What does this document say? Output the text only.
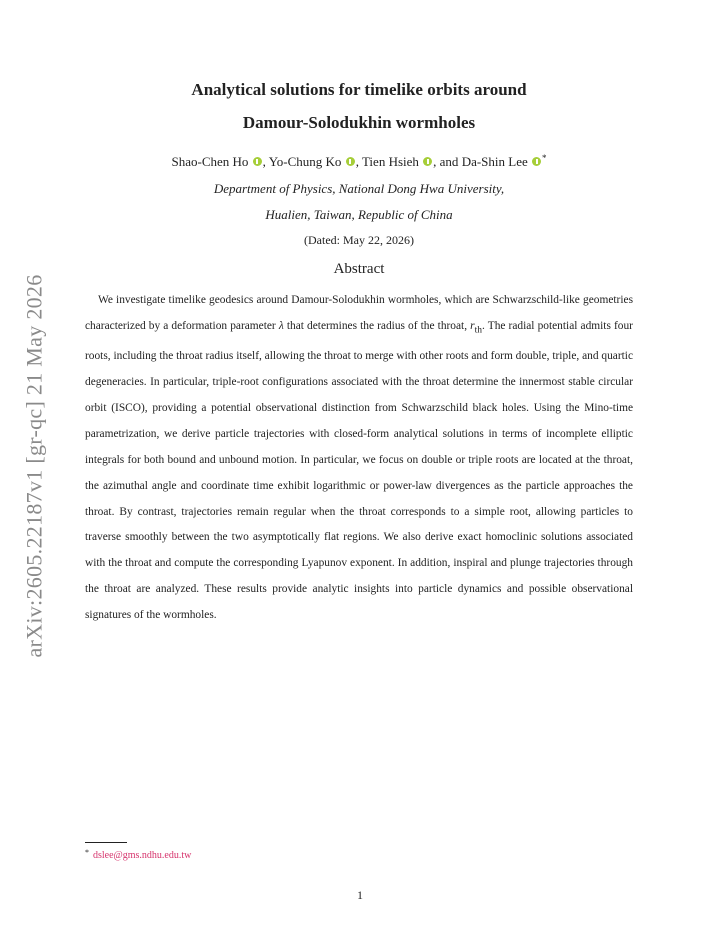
arXiv:2605.22187v1 [gr-qc] 21 May 2026
Analytical solutions for timelike orbits around
Damour-Solodukhin wormholes
Shao-Chen Ho , Yo-Chung Ko , Tien Hsieh , and Da-Shin Lee *
Department of Physics, National Dong Hwa University,
Hualien, Taiwan, Republic of China
(Dated: May 22, 2026)
Abstract

We investigate timelike geodesics around Damour-Solodukhin wormholes, which are Schwarzschild-like geometries characterized by a deformation parameter λ that determines the radius of the throat, $r_{th}$. The radial potential admits four roots, including the throat radius itself, allowing the throat to merge with other roots and form double, triple, and quartic degeneracies. In particular, triple-root configurations associated with the throat determine the innermost stable circular orbit (ISCO), providing a potential observational distinction from Schwarzschild black holes. Using the Mino-time parametrization, we derive particle trajectories with closed-form analytical solutions in terms of incomplete elliptic integrals for both bound and unbound motion. In particular, we focus on double or triple roots are located at the throat, the azimuthal angle and coordinate time exhibit logarithmic or power-law divergences as the particle approaches the throat. By contrast, trajectories remain regular when the throat corresponds to a simple root, allowing particles to traverse smoothly between the two asymptotically flat regions. We also derive exact homoclinic solutions associated with the throat and compute the corresponding Lyapunov exponent. In addition, inspiral and plunge trajectories through the throat are analyzed. These results provide analytic insights into particle dynamics and possible observational signatures of the wormholes.

* dslee@gms.ndhu.edu.tw
1
